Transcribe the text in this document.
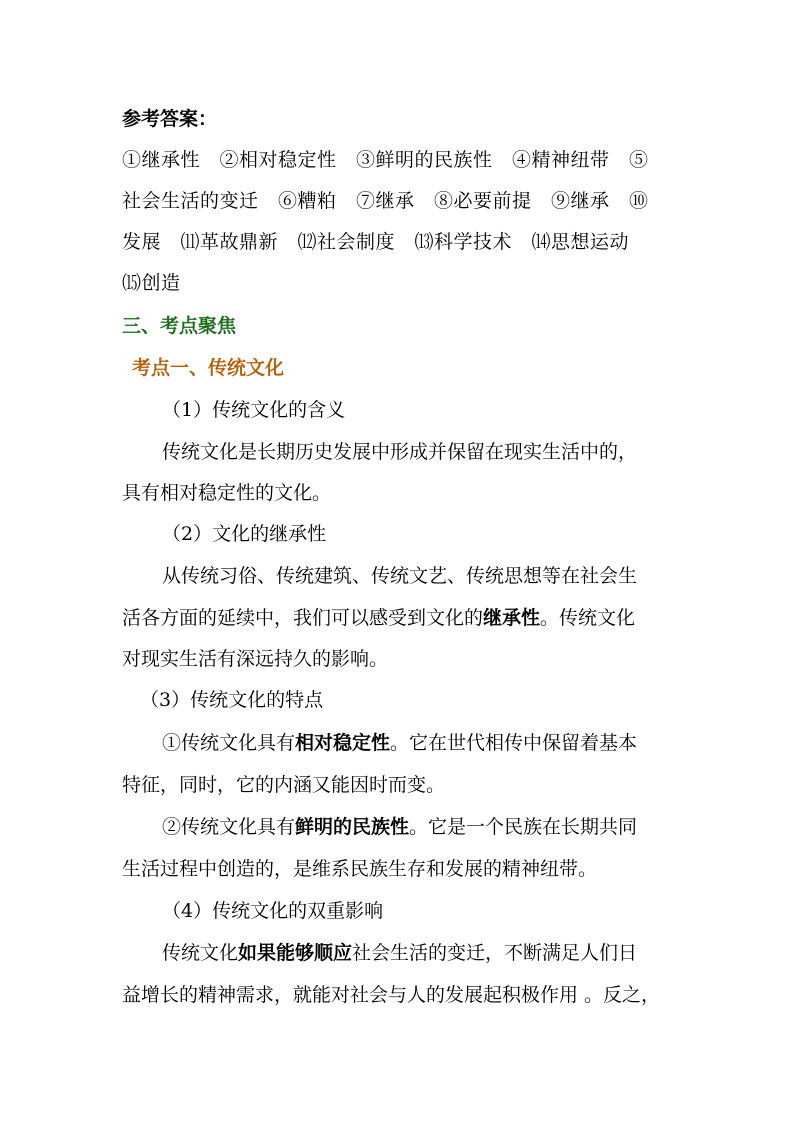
参考答案：
①继承性　②相对稳定性　③鲜明的民族性　④精神纽带　⑤
社会生活的变迁　⑥糟粕　⑦继承　⑧必要前提　⑨继承　⑩
发展　⑾革故鼎新　⑿社会制度　⒀科学技术　⒁思想运动
⒂创造
三、考点聚焦
考点一、传统文化
（1）传统文化的含义
传统文化是长期历史发展中形成并保留在现实生活中的，
具有相对稳定性的文化。
（2）文化的继承性
从传统习俗、传统建筑、传统文艺、传统思想等在社会生
活各方面的延续中，我们可以感受到文化的继承性。传统文化
对现实生活有深远持久的影响。
（3）传统文化的特点
①传统文化具有相对稳定性。它在世代相传中保留着基本
特征，同时，它的内涵又能因时而变。
②传统文化具有鲜明的民族性。它是一个民族在长期共同
生活过程中创造的，是维系民族生存和发展的精神纽带。
（4）传统文化的双重影响
传统文化如果能够顺应社会生活的变迁，不断满足人们日
益增长的精神需求，就能对社会与人的发展起积极作用 。反之，
